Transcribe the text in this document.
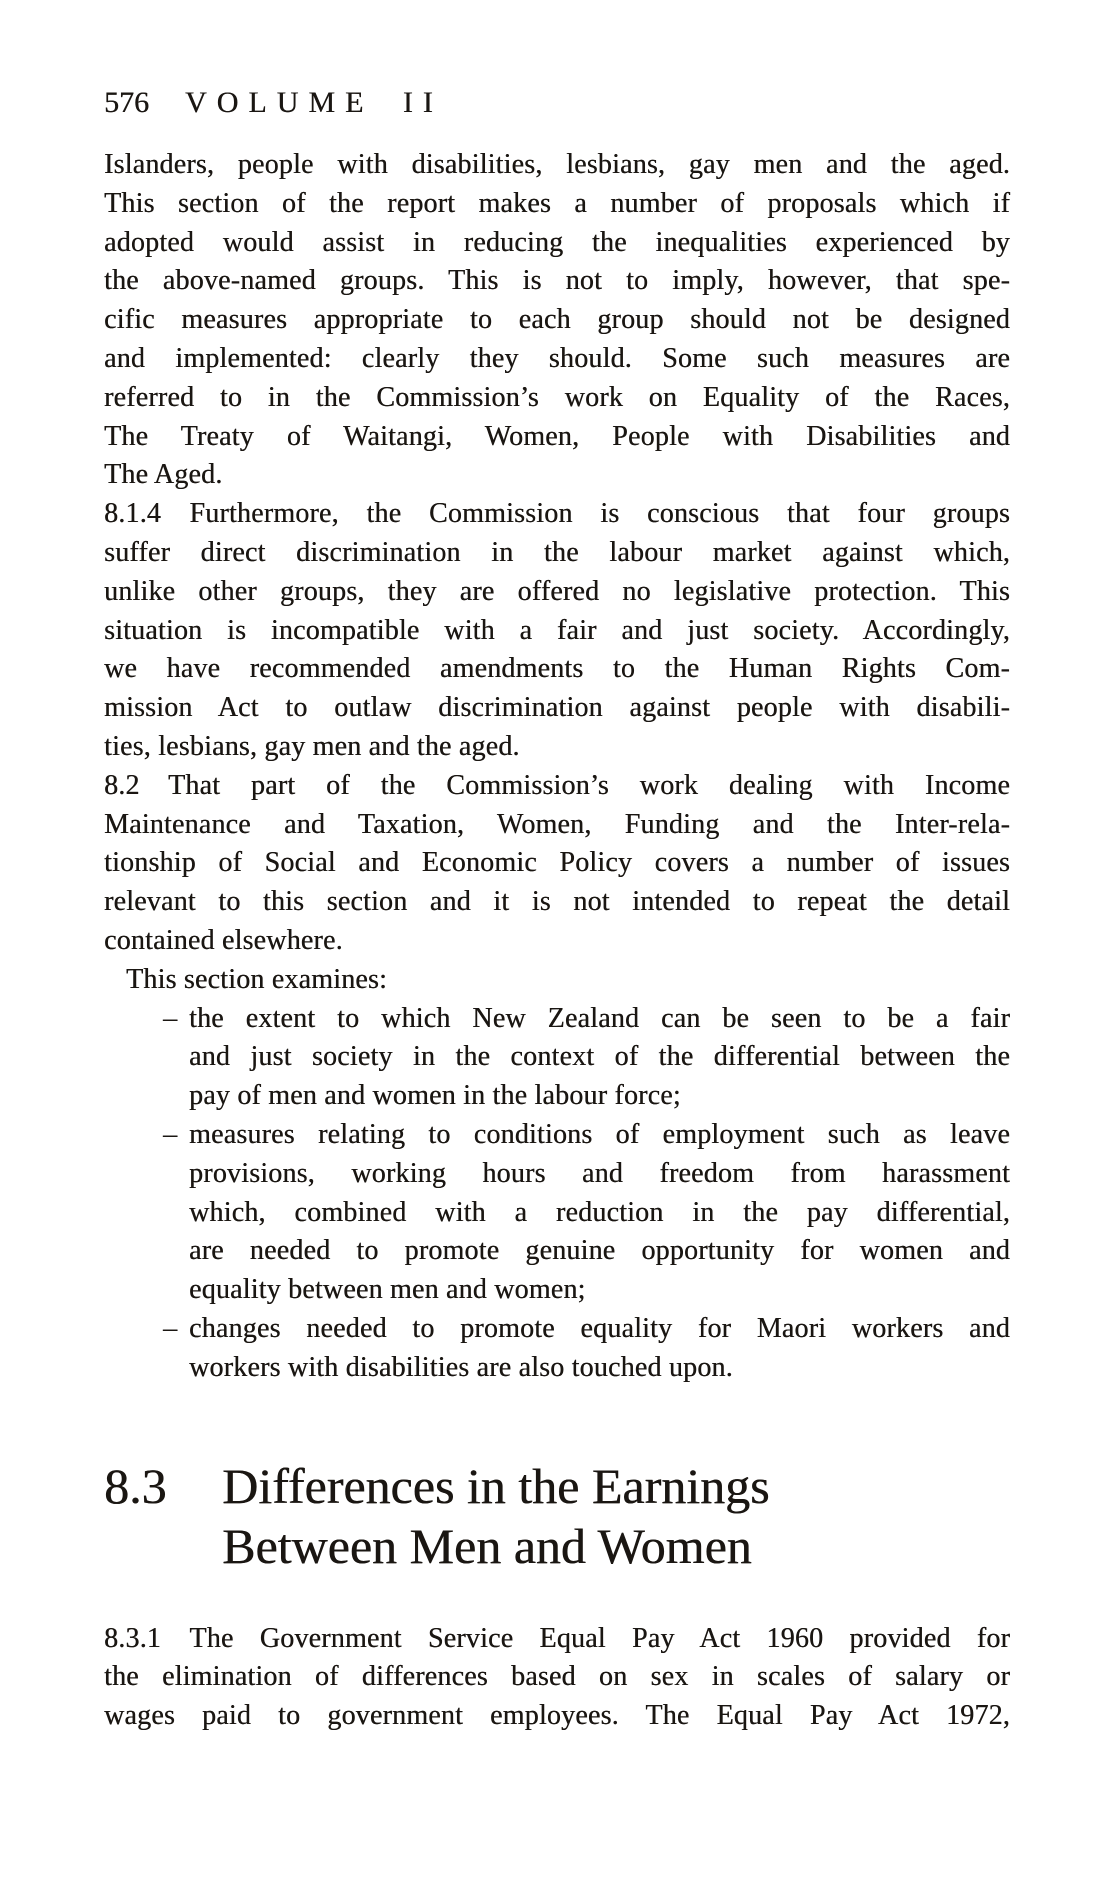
576 VOLUME II
Islanders, people with disabilities, lesbians, gay men and the aged.
This section of the report makes a number of proposals which if
adopted would assist in reducing the inequalities experienced by
the above-named groups. This is not to imply, however, that spe-
cific measures appropriate to each group should not be designed
and implemented: clearly they should. Some such measures are
referred to in the Commission’s work on Equality of the Races,
The Treaty of Waitangi, Women, People with Disabilities and
The Aged.
8.1.4  Furthermore, the Commission is conscious that four groups
suffer direct discrimination in the labour market against which,
unlike other groups, they are offered no legislative protection. This
situation is incompatible with a fair and just society. Accordingly,
we have recommended amendments to the Human Rights Com-
mission Act to outlaw discrimination against people with disabili-
ties, lesbians, gay men and the aged.
8.2  That part of the Commission’s work dealing with Income
Maintenance and Taxation, Women, Funding and the Inter-rela-
tionship of Social and Economic Policy covers a number of issues
relevant to this section and it is not intended to repeat the detail
contained elsewhere.
This section examines:
– the extent to which New Zealand can be seen to be a fair
and just society in the context of the differential between the
pay of men and women in the labour force;
– measures relating to conditions of employment such as leave
provisions, working hours and freedom from harassment
which, combined with a reduction in the pay differential,
are needed to promote genuine opportunity for women and
equality between men and women;
– changes needed to promote equality for Maori workers and
workers with disabilities are also touched upon.
8.3	Differences in the Earnings
Between Men and Women
8.3.1  The Government Service Equal Pay Act 1960 provided for
the elimination of differences based on sex in scales of salary or
wages paid to government employees. The Equal Pay Act 1972,
